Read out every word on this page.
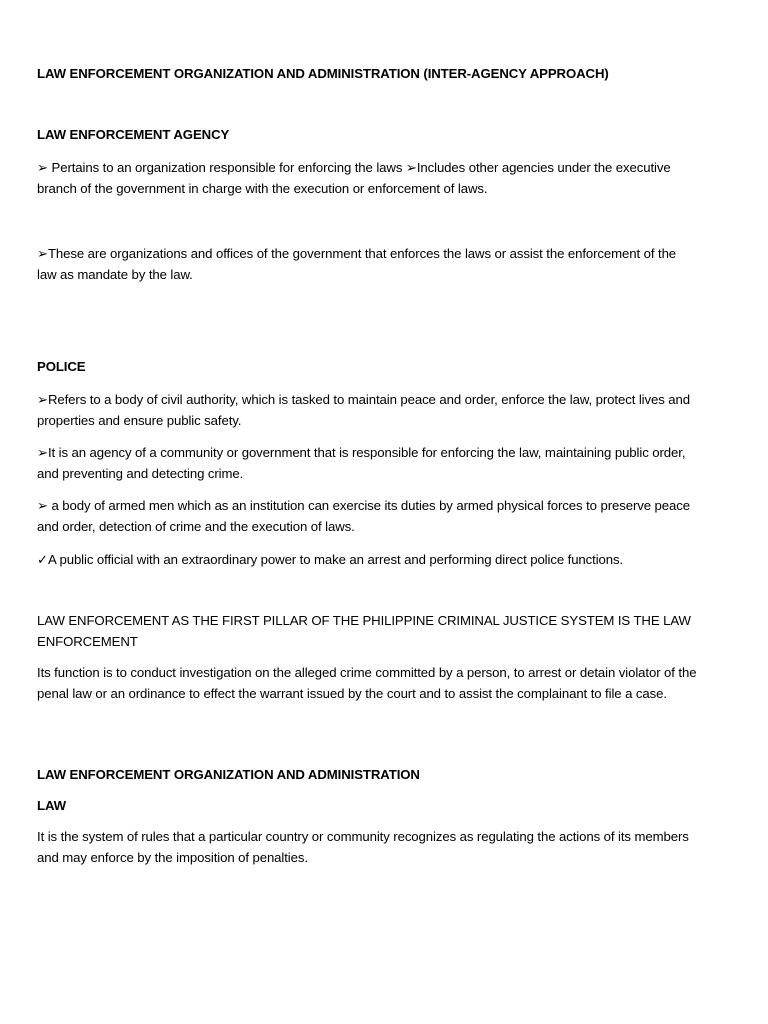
LAW ENFORCEMENT ORGANIZATION AND ADMINISTRATION (INTER-AGENCY APPROACH)
LAW ENFORCEMENT AGENCY
➢ Pertains to an organization responsible for enforcing the laws ➢Includes other agencies under the executive branch of the government in charge with the execution or enforcement of laws.
➢These are organizations and offices of the government that enforces the laws or assist the enforcement of the law as mandate by the law.
POLICE
➢Refers to a body of civil authority, which is tasked to maintain peace and order, enforce the law, protect lives and properties and ensure public safety.
➢It is an agency of a community or government that is responsible for enforcing the law, maintaining public order, and preventing and detecting crime.
➢ a body of armed men which as an institution can exercise its duties by armed physical forces to preserve peace and order, detection of crime and the execution of laws.
✓A public official with an extraordinary power to make an arrest and performing direct police functions.
LAW ENFORCEMENT AS THE FIRST PILLAR OF THE PHILIPPINE CRIMINAL JUSTICE SYSTEM IS THE LAW ENFORCEMENT
Its function is to conduct investigation on the alleged crime committed by a person, to arrest or detain violator of the penal law or an ordinance to effect the warrant issued by the court and to assist the complainant to file a case.
LAW ENFORCEMENT ORGANIZATION AND ADMINISTRATION
LAW
It is the system of rules that a particular country or community recognizes as regulating the actions of its members and may enforce by the imposition of penalties.
